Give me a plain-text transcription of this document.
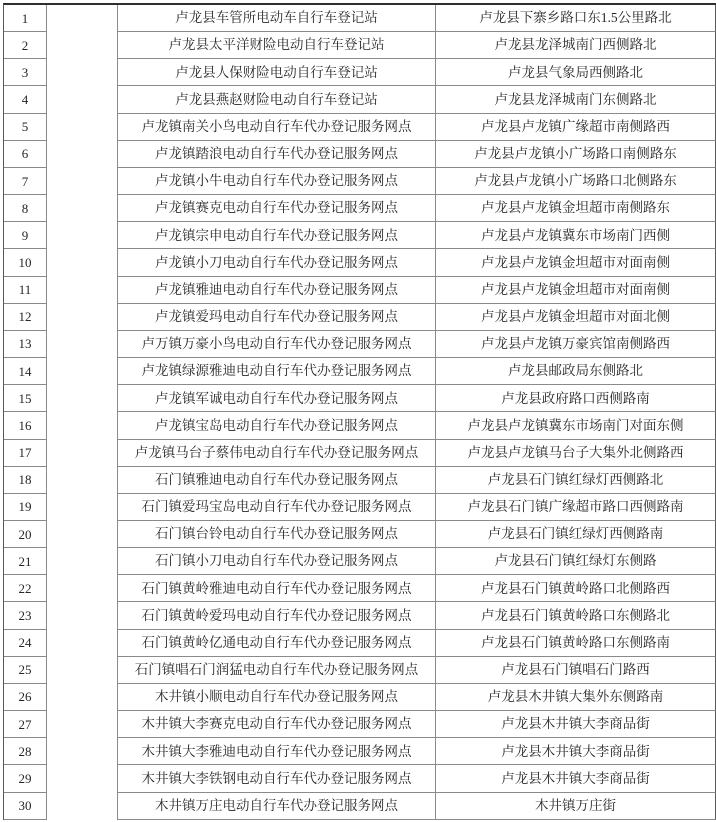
1	卢龙县车管所电动车自行车登记站	卢龙县下寨乡路口东1.5公里路北
2	卢龙县太平洋财险电动自行车登记站	卢龙县龙泽城南门西侧路北
3	卢龙县人保财险电动自行车登记站	卢龙县气象局西侧路北
4	卢龙县燕赵财险电动自行车登记站	卢龙县龙泽城南门东侧路北
5	卢龙镇南关小鸟电动自行车代办登记服务网点	卢龙县卢龙镇广缘超市南侧路西
6	卢龙镇踏浪电动自行车代办登记服务网点	卢龙县卢龙镇小广场路口南侧路东
7	卢龙镇小牛电动自行车代办登记服务网点	卢龙县卢龙镇小广场路口北侧路东
8	卢龙镇赛克电动自行车代办登记服务网点	卢龙县卢龙镇金坦超市南侧路东
9	卢龙镇宗申电动自行车代办登记服务网点	卢龙县卢龙镇冀东市场南门西侧
10	卢龙镇小刀电动自行车代办登记服务网点	卢龙县卢龙镇金坦超市对面南侧
11	卢龙镇雅迪电动自行车代办登记服务网点	卢龙县卢龙镇金坦超市对面南侧
12	卢龙镇爱玛电动自行车代办登记服务网点	卢龙县卢龙镇金坦超市对面北侧
13	卢万镇万豪小鸟电动自行车代办登记服务网点	卢龙县卢龙镇万豪宾馆南侧路西
14	卢龙镇绿源雅迪电动自行车代办登记服务网点	卢龙县邮政局东侧路北
15	卢龙镇军诚电动自行车代办登记服务网点	卢龙县政府路口西侧路南
16	卢龙镇宝岛电动自行车代办登记服务网点	卢龙县卢龙镇冀东市场南门对面东侧
17	卢龙镇马台子蔡伟电动自行车代办登记服务网点	卢龙县卢龙镇马台子大集外北侧路西
18	石门镇雅迪电动自行车代办登记服务网点	卢龙县石门镇红绿灯西侧路北
19	石门镇爱玛宝岛电动自行车代办登记服务网点	卢龙县石门镇广缘超市路口西侧路南
20	石门镇台铃电动自行车代办登记服务网点	卢龙县石门镇红绿灯西侧路南
21	石门镇小刀电动自行车代办登记服务网点	卢龙县石门镇红绿灯东侧路
22	石门镇黄岭雅迪电动自行车代办登记服务网点	卢龙县石门镇黄岭路口北侧路西
23	石门镇黄岭爱玛电动自行车代办登记服务网点	卢龙县石门镇黄岭路口东侧路北
24	石门镇黄岭亿通电动自行车代办登记服务网点	卢龙县石门镇黄岭路口东侧路南
25	石门镇唱石门润猛电动自行车代办登记服务网点	卢龙县石门镇唱石门路西
26	木井镇小顺电动自行车代办登记服务网点	卢龙县木井镇大集外东侧路南
27	木井镇大李赛克电动自行车代办登记服务网点	卢龙县木井镇大李商品街
28	木井镇大李雅迪电动自行车代办登记服务网点	卢龙县木井镇大李商品街
29	木井镇大李铁钢电动自行车代办登记服务网点	卢龙县木井镇大李商品街
30	木井镇万庄电动自行车代办登记服务网点	木井镇万庄街
